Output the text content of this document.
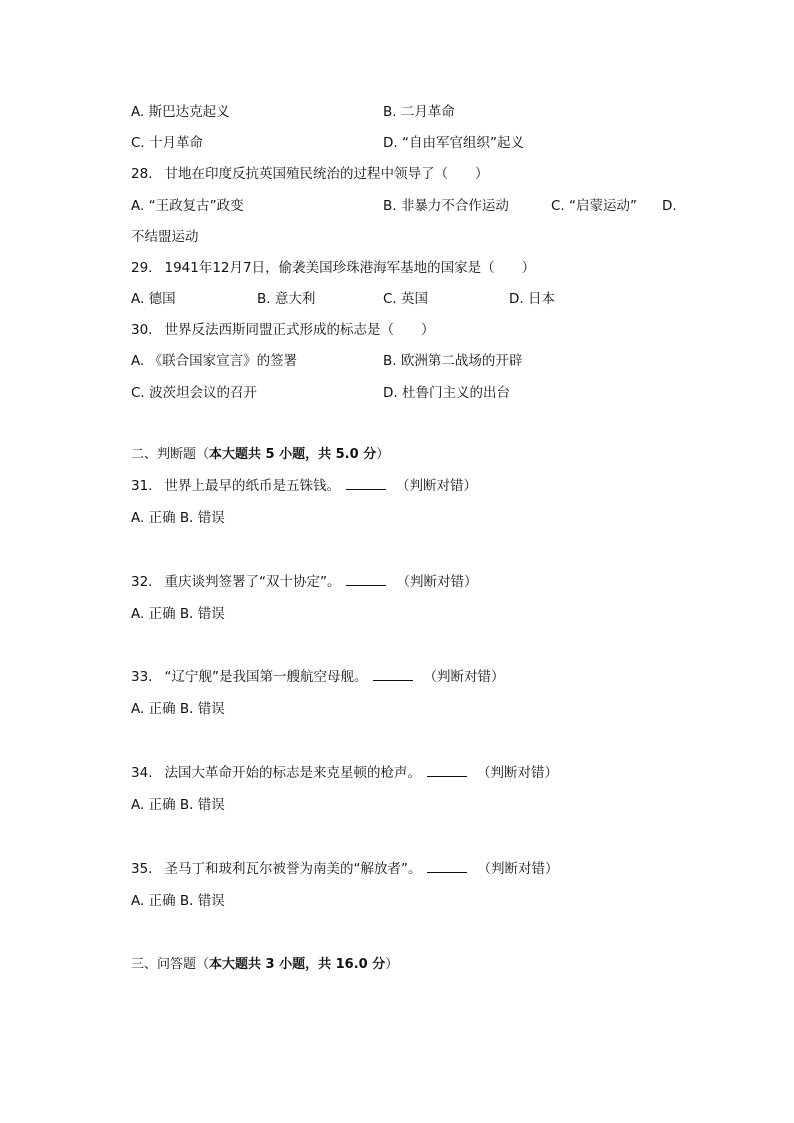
A. 斯巴达克起义	B. 二月革命
C. 十月革命	D. “自由军官组织”起义
28. 甘地在印度反抗英国殖民统治的过程中领导了（　　）
A. “王政复古”政变	B. 非暴力不合作运动	C. “启蒙运动” D.
不结盟运动
29. 1941年12月7日，偷袭美国珍珠港海军基地的国家是（　　）
A. 德国	B. 意大利	C. 英国	D. 日本
30. 世界反法西斯同盟正式形成的标志是（　　）
A. 《联合国家宣言》的签署	B. 欧洲第二战场的开辟
C. 波茨坦会议的召开	D. 杜鲁门主义的出台
二、判断题（本大题共 5 小题，共 5.0 分）
31. 世界上最早的纸币是五铢钱。	（判断对错）
A. 正确 B. 错误
32. 重庆谈判签署了“双十协定”。	（判断对错）
A. 正确 B. 错误
33. “辽宁舰”是我国第一艘航空母舰。	（判断对错）
A. 正确 B. 错误
34. 法国大革命开始的标志是来克星顿的枪声。	（判断对错）
A. 正确 B. 错误
35. 圣马丁和玻利瓦尔被誉为南美的“解放者”。	（判断对错）
A. 正确 B. 错误
三、问答题（本大题共 3 小题，共 16.0 分）
